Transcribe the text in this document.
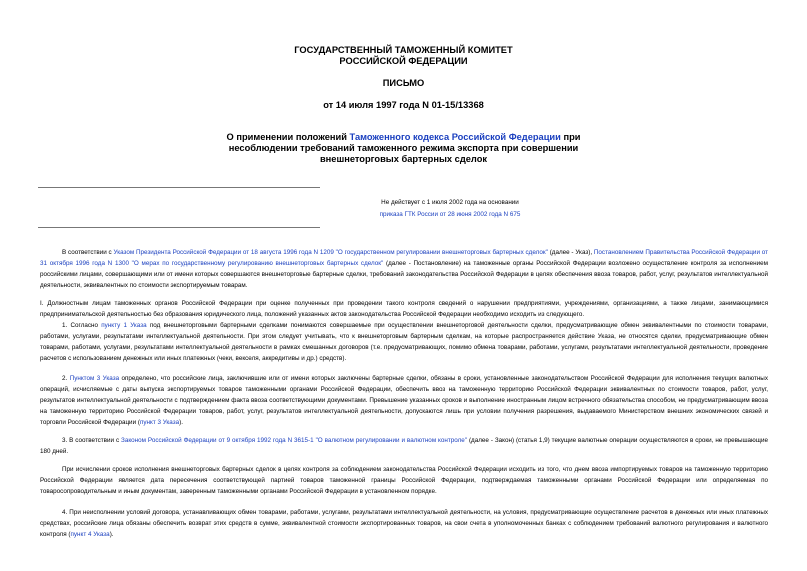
ГОСУДАРСТВЕННЫЙ ТАМОЖЕННЫЙ КОМИТЕТ
РОССИЙСКОЙ ФЕДЕРАЦИИ
ПИСЬМО
от 14 июля 1997 года N 01-15/13368
О применении положений Таможенного кодекса Российской Федерации при несоблюдении требований таможенного режима экспорта при совершении внешнеторговых бартерных сделок
Не действует с 1 июля 2002 года на основании
приказа ГТК России от 28 июня 2002 года N 675
В соответствии с Указом Президента Российской Федерации от 18 августа 1996 года N 1209 "О государственном регулировании внешнеторговых бартерных сделок" (далее - Указ), Постановлением Правительства Российской Федерации от 31 октября 1996 года N 1300 "О мерах по государственному регулированию внешнеторговых бартерных сделок" (далее - Постановление) на таможенные органы Российской Федерации возложено осуществление контроля за исполнением российскими лицами, совершающими или от имени которых совершаются внешнеторговые бартерные сделки, требований законодательства Российской Федерации в целях обеспечения ввоза товаров, работ, услуг, результатов интеллектуальной деятельности, эквивалентных по стоимости экспортируемым товарам.
I. Должностным лицам таможенных органов Российской Федерации при оценке полученных при проведении такого контроля сведений о нарушении предприятиями, учреждениями, организациями, а также лицами, занимающимися предпринимательской деятельностью без образования юридического лица, положений указанных актов законодательства Российской Федерации необходимо исходить из следующего.
1. Согласно пункту 1 Указа под внешнеторговыми бартерными сделками понимаются совершаемые при осуществлении внешнеторговой деятельности сделки, предусматривающие обмен эквивалентными по стоимости товарами, работами, услугами, результатами интеллектуальной деятельности. При этом следует учитывать, что к внешнеторговым бартерным сделкам, на которые распространяется действие Указа, не относятся сделки, предусматривающие обмен товарами, работами, услугами, результатами интеллектуальной деятельности в рамках смешанных договоров (т.е. предусматривающих, помимо обмена товарами, работами, услугами, результатами интеллектуальной деятельности, проведение расчетов с использованием денежных или иных платежных (чеки, векселя, аккредитивы и др.) средств).
2. Пунктом 3 Указа определено, что российские лица, заключившие или от имени которых заключены бартерные сделки, обязаны в сроки, установленные законодательством Российской Федерации для исполнения текущих валютных операций, исчисляемые с даты выпуска экспортируемых товаров таможенными органами Российской Федерации, обеспечить ввоз на таможенную территорию Российской Федерации эквивалентных по стоимости товаров, работ, услуг, результатов интеллектуальной деятельности с подтверждением факта ввоза соответствующими документами. Превышение указанных сроков и выполнение иностранным лицом встречного обязательства способом, не предусматривающим ввоза на таможенную территорию Российской Федерации товаров, работ, услуг, результатов интеллектуальной деятельности, допускаются лишь при условии получения разрешения, выдаваемого Министерством внешних экономических связей и торговли Российской Федерации (пункт 3 Указа).
3. В соответствии с Законом Российской Федерации от 9 октября 1992 года N 3615-1 "О валютном регулировании и валютном контроле" (далее - Закон) (статья 1,9) текущие валютные операции осуществляются в сроки, не превышающие 180 дней.
При исчислении сроков исполнения внешнеторговых бартерных сделок в целях контроля за соблюдением законодательства Российской Федерации исходить из того, что днем ввоза импортируемых товаров на таможенную территорию Российской Федерации является дата пересечения соответствующей партией товаров таможенной границы Российской Федерации, подтверждаемая таможенными органами Российской Федерации или определяемая по товаросопроводительным и иным документам, заверенным таможенными органами Российской Федерации в установленном порядке.
4. При неисполнении условий договора, устанавливающих обмен товарами, работами, услугами, результатами интеллектуальной деятельности, на условия, предусматривающие осуществление расчетов в денежных или иных платежных средствах, российские лица обязаны обеспечить возврат этих средств в сумме, эквивалентной стоимости экспортированных товаров, на свои счета в уполномоченных банках с соблюдением требований валютного регулирования и валютного контроля (пункт 4 Указа).
